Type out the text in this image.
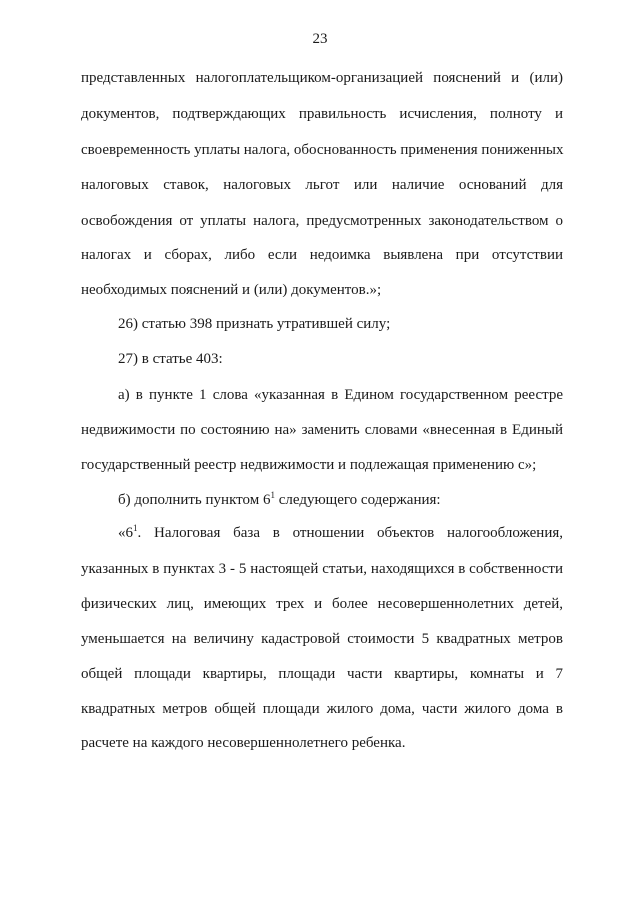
23
представленных налогоплательщиком-организацией пояснений и (или)
документов, подтверждающих правильность исчисления, полноту и
своевременность уплаты налога, обоснованность применения пониженных
налоговых ставок, налоговых льгот или наличие оснований для
освобождения от уплаты налога, предусмотренных законодательством о
налогах и сборах, либо если недоимка выявлена при отсутствии
необходимых пояснений и (или) документов.»;
26) статью 398 признать утратившей силу;
27) в статье 403:
а) в пункте 1 слова «указанная в Едином государственном реестре
недвижимости по состоянию на» заменить словами «внесенная в Единый
государственный реестр недвижимости и подлежащая применению с»;
б) дополнить пунктом $6^1$ следующего содержания:
«$6^1$. Налоговая база в отношении объектов налогообложения,
указанных в пунктах 3 - 5 настоящей статьи, находящихся в собственности
физических лиц, имеющих трех и более несовершеннолетних детей,
уменьшается на величину кадастровой стоимости 5 квадратных метров
общей площади квартиры, площади части квартиры, комнаты и 7
квадратных метров общей площади жилого дома, части жилого дома в
расчете на каждого несовершеннолетнего ребенка.
